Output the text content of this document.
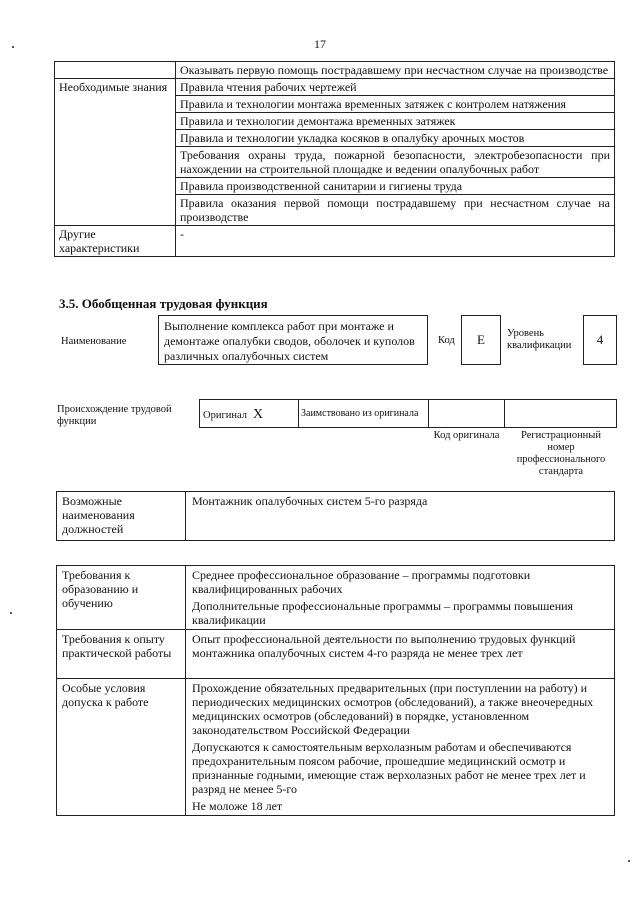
17
	Оказывать первую помощь пострадавшему при несчастном случае на производстве
Необходимые знания	Правила чтения рабочих чертежей
	Правила и технологии монтажа временных затяжек с контролем натяжения
	Правила и технологии демонтажа временных затяжек
	Правила и технологии укладка косяков в опалубку арочных мостов
	Требования охраны труда, пожарной безопасности, электробезопасности при нахождении на строительной площадке и ведении опалубочных работ
	Правила производственной санитарии и гигиены труда
	Правила оказания первой помощи пострадавшему при несчастном случае на производстве
Другие характеристики	-
3.5. Обобщенная трудовая функция
Наименование
Выполнение комплекса работ при монтаже и демонтаже опалубки сводов, оболочек и куполов различных опалубочных систем
Код	E	Уровень квалификации	4
Происхождение трудовой функции
Оригинал X	Заимствовано из оригинала
Код оригинала	Регистрационный номер профессионального стандарта
Возможные наименования должностей	Монтажник опалубочных систем 5-го разряда
Требования к образованию и обучению	Среднее профессиональное образование – программы подготовки квалифицированных рабочих
Дополнительные профессиональные программы – программы повышения квалификации

Требования к опыту практической работы	Опыт профессиональной деятельности по выполнению трудовых функций монтажника опалубочных систем 4-го разряда не менее трех лет

Особые условия допуска к работе	Прохождение обязательных предварительных (при поступлении на работу) и периодических медицинских осмотров (обследований), а также внеочередных медицинских осмотров (обследований) в порядке, установленном законодательством Российской Федерации
Допускаются к самостоятельным верхолазным работам и обеспечиваются предохранительным поясом рабочие, прошедшие медицинский осмотр и признанные годными, имеющие стаж верхолазных работ не менее трех лет и разряд не менее 5-го
Не моложе 18 лет
